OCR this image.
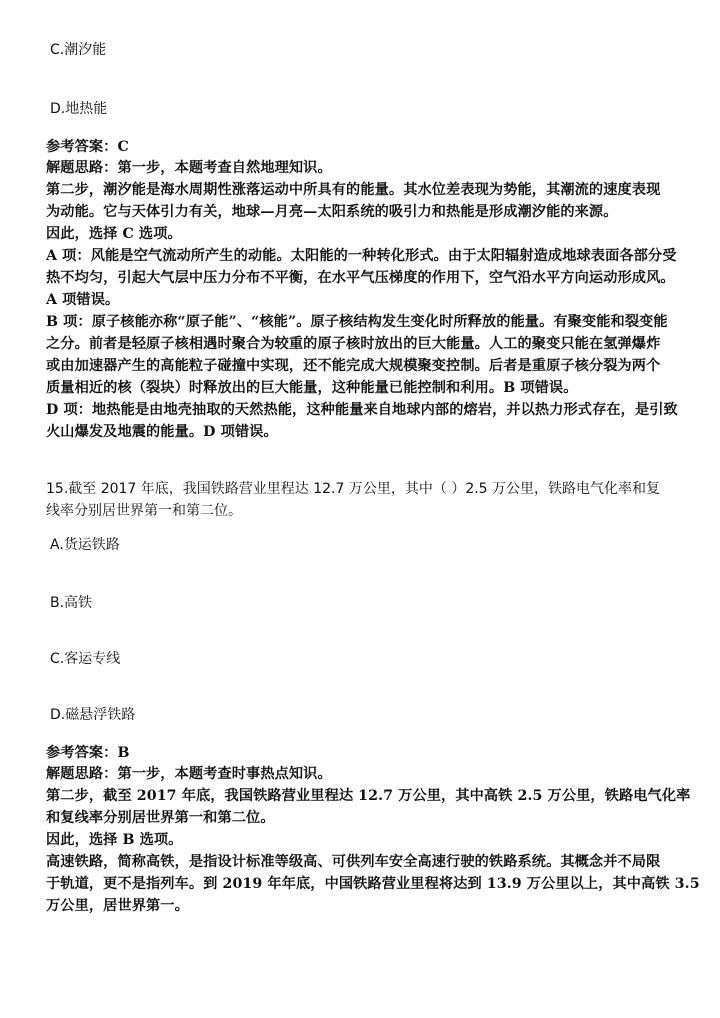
C.潮汐能
D.地热能
参考答案：C
解题思路：第一步，本题考查自然地理知识。
第二步，潮汐能是海水周期性涨落运动中所具有的能量。其水位差表现为势能，其潮流的速度表现
为动能。它与天体引力有关，地球—月亮—太阳系统的吸引力和热能是形成潮汐能的来源。
因此，选择 C 选项。
A 项：风能是空气流动所产生的动能。太阳能的一种转化形式。由于太阳辐射造成地球表面各部分受
热不均匀，引起大气层中压力分布不平衡，在水平气压梯度的作用下，空气沿水平方向运动形成风。
A 项错误。
B 项：原子核能亦称“原子能”、“核能”。原子核结构发生变化时所释放的能量。有聚变能和裂变能
之分。前者是轻原子核相遇时聚合为较重的原子核时放出的巨大能量。人工的聚变只能在氢弹爆炸
或由加速器产生的高能粒子碰撞中实现，还不能完成大规模聚变控制。后者是重原子核分裂为两个
质量相近的核（裂块）时释放出的巨大能量，这种能量已能控制和利用。B 项错误。
D 项：地热能是由地壳抽取的天然热能，这种能量来自地球内部的熔岩，并以热力形式存在，是引致
火山爆发及地震的能量。D 项错误。
15.截至 2017 年底，我国铁路营业里程达 12.7 万公里，其中（ ）2.5 万公里，铁路电气化率和复
线率分别居世界第一和第二位。
A.货运铁路
B.高铁
C.客运专线
D.磁悬浮铁路
参考答案：B
解题思路：第一步，本题考查时事热点知识。
第二步，截至 2017 年底，我国铁路营业里程达 12.7 万公里，其中高铁 2.5 万公里，铁路电气化率
和复线率分别居世界第一和第二位。
因此，选择 B 选项。
高速铁路，简称高铁，是指设计标准等级高、可供列车安全高速行驶的铁路系统。其概念并不局限
于轨道，更不是指列车。到 2019 年年底，中国铁路营业里程将达到 13.9 万公里以上，其中高铁 3.5
万公里，居世界第一。
